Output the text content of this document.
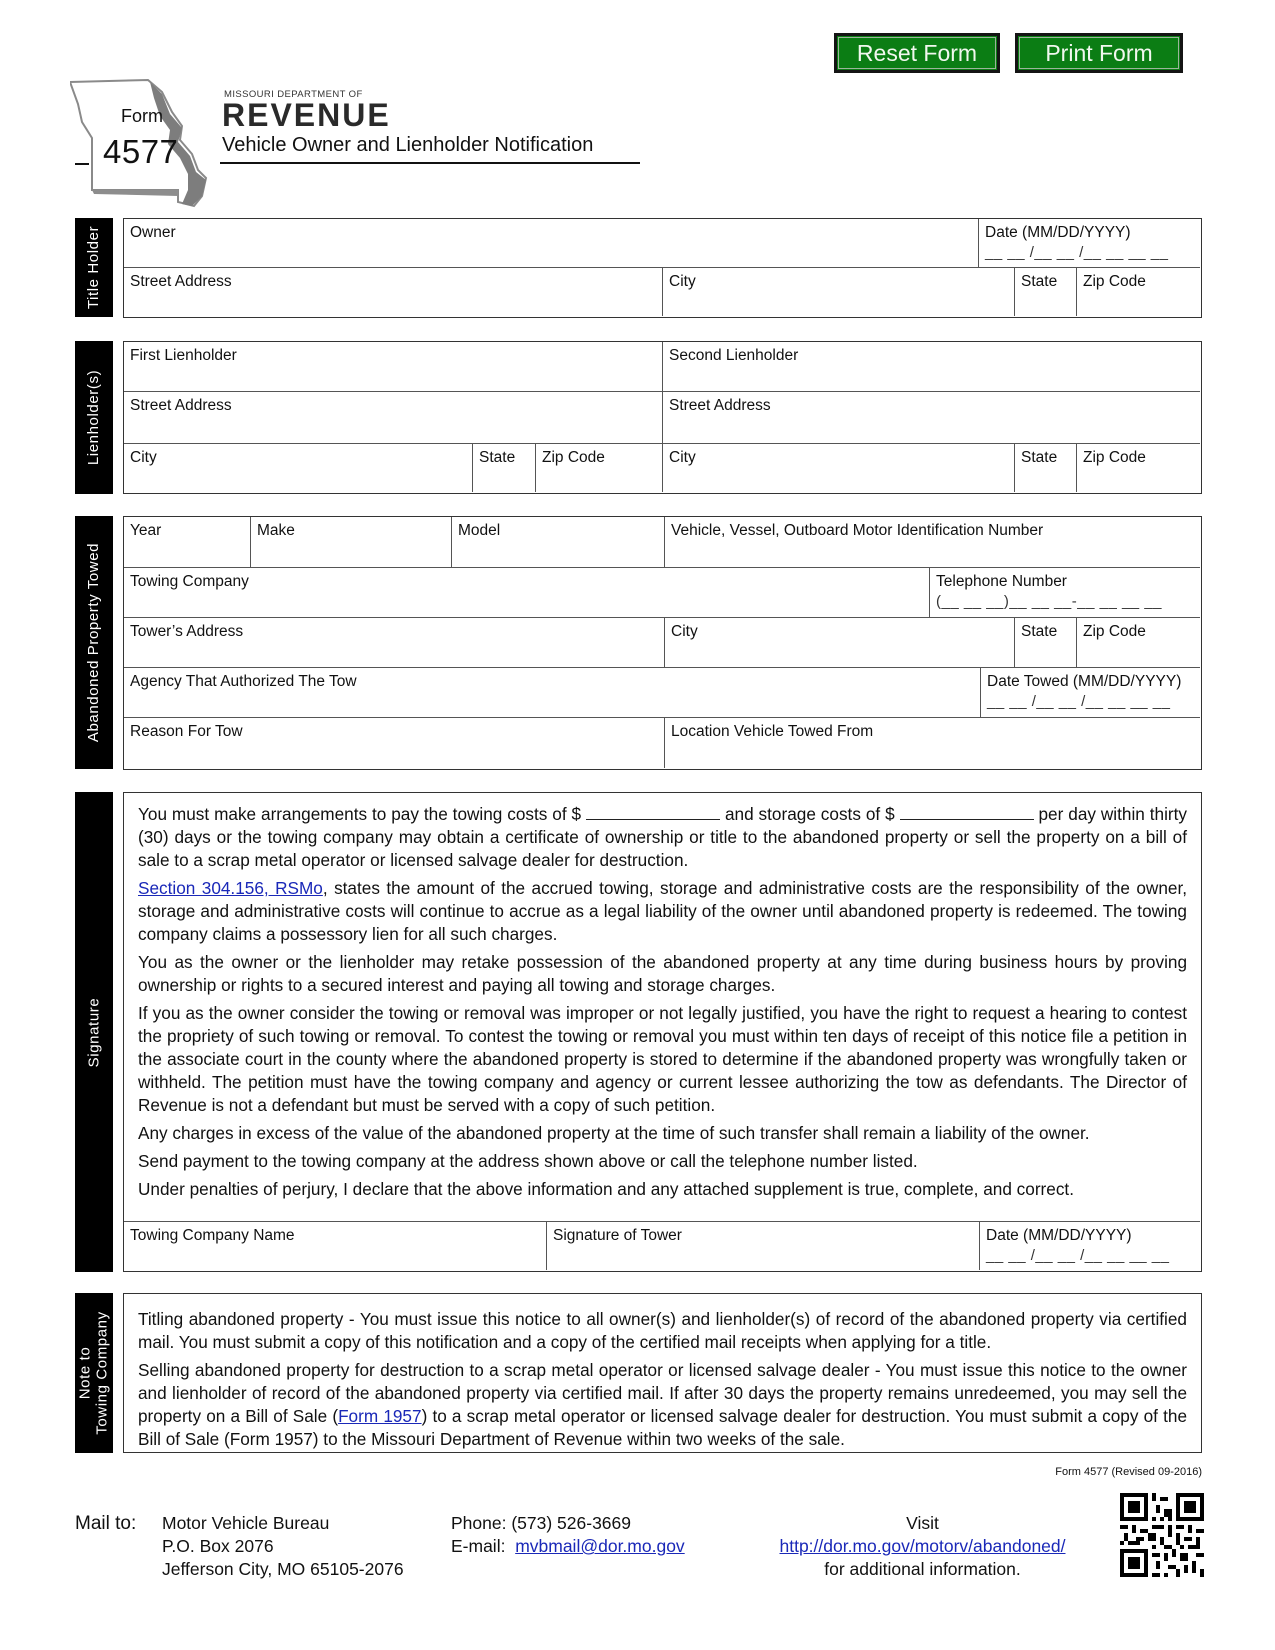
Reset Form	Print Form
Form
4577
MISSOURI DEPARTMENT OF
REVENUE
Vehicle Owner and Lienholder Notification
Title Holder	Owner	Date (MM/DD/YYYY)
__ __ /__ __ /__ __ __ __
Street Address	City	State	Zip Code
Lienholder(s)
First Lienholder	Second Lienholder
Street Address	Street Address
City	State	Zip Code	City	State	Zip Code
Abandoned Property Towed
Year	Make	Model	Vehicle, Vessel, Outboard Motor Identification Number
Towing Company	Telephone Number
(__ __ __)__ __ __-__ __ __ __
Tower’s Address	City	State	Zip Code
Agency That Authorized The Tow	Date Towed (MM/DD/YYYY)
__ __ /__ __ /__ __ __ __
Reason For Tow	Location Vehicle Towed From
Signature

You must make arrangements to pay the towing costs of $	and storage costs of $	per day within thirty (30) days or the towing company may obtain a certificate of ownership or title to the abandoned property or sell the property on a bill of sale to a scrap metal operator or licensed salvage dealer for destruction.

Section 304.156, RSMo, states the amount of the accrued towing, storage and administrative costs are the responsibility of the owner, storage and administrative costs will continue to accrue as a legal liability of the owner until abandoned property is redeemed. The towing company claims a possessory lien for all such charges.

You as the owner or the lienholder may retake possession of the abandoned property at any time during business hours by proving ownership or rights to a secured interest and paying all towing and storage charges.

If you as the owner consider the towing or removal was improper or not legally justified, you have the right to request a hearing to contest the propriety of such towing or removal. To contest the towing or removal you must within ten days of receipt of this notice file a petition in the associate court in the county where the abandoned property is stored to determine if the abandoned property was wrongfully taken or withheld. The petition must have the towing company and agency or current lessee authorizing the tow as defendants. The Director of Revenue is not a defendant but must be served with a copy of such petition.

Any charges in excess of the value of the abandoned property at the time of such transfer shall remain a liability of the owner.

Send payment to the towing company at the address shown above or call the telephone number listed.

Under penalties of perjury, I declare that the above information and any attached supplement is true, complete, and correct.

Towing Company Name	Signature of Tower	Date (MM/DD/YYYY)
__ __ /__ __ /__ __ __ __
Note to
Towing Company Titling abandoned property - You must issue this notice to all owner(s) and lienholder(s) of record of the abandoned property via certified mail. You must submit a copy of this notification and a copy of the certified mail receipts when applying for a title.

Selling abandoned property for destruction to a scrap metal operator or licensed salvage dealer - You must issue this notice to the owner and lienholder of record of the abandoned property via certified mail. If after 30 days the property remains unredeemed, you may sell the property on a Bill of Sale (Form 1957) to a scrap metal operator or licensed salvage dealer for destruction. You must submit a copy of the Bill of Sale (Form 1957) to the Missouri Department of Revenue within two weeks of the sale.

Form 4577 (Revised 09-2016)
Mail to: Motor Vehicle Bureau
P.O. Box 2076
Jefferson City, MO 65105-2076
Phone: (573) 526-3669
E-mail: mvbmail@dor.mo.gov
Visit
http://dor.mo.gov/motorv/abandoned/
for additional information.
